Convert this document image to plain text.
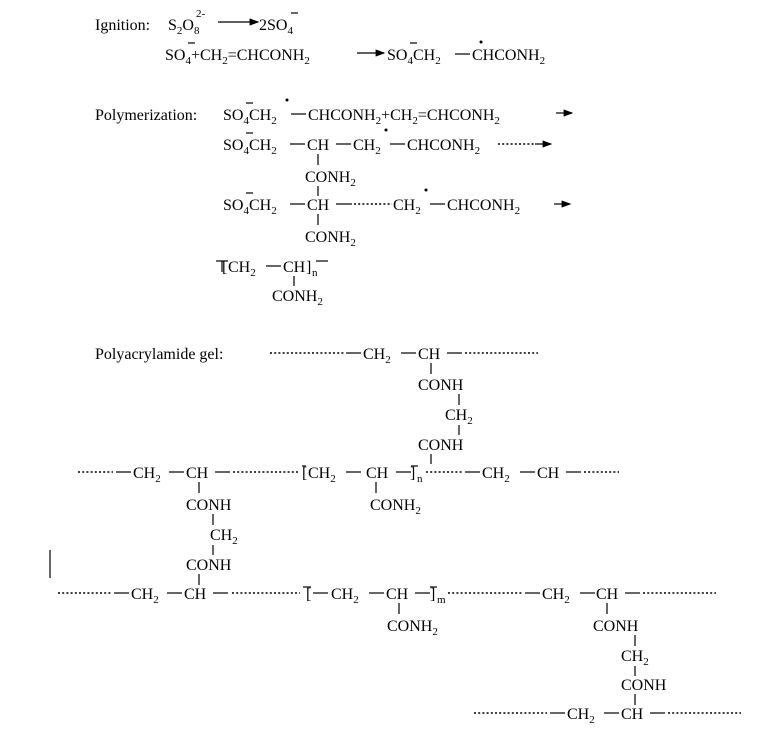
Ignition: $S_2O_8$
2-
$2SO_4$
$SO_4+CH_2=CHCONH_2$	$SO_4CH_2$ $CHCONH_2$
Polymerization: $SO_4CH_2$ $CHCONH_2+CH_2=CHCONH_2$
$SO_4CH_2$ CH $CH_2$ $CHCONH_2$
$CONH_2$
$SO_4CH_2$ CH	$CH_2$ $CHCONH_2$
$CONH_2$
[ $CH_2$ CH ] n
$CONH_2$
Polyacrylamide gel:	$CH_2$ CH
CONH
$CH_2$
CONH
$CH_2$ CH	[ $CH_2$ CH ] n	$CH_2$ CH
CONH	$CONH_2$
$CH_2$
CONH
$CH_2$ CH	[ $CH_2$ CH ] m	$CH_2$ CH
$CONH_2$	CONH
$CH_2$
CONH
$CH_2$ CH
